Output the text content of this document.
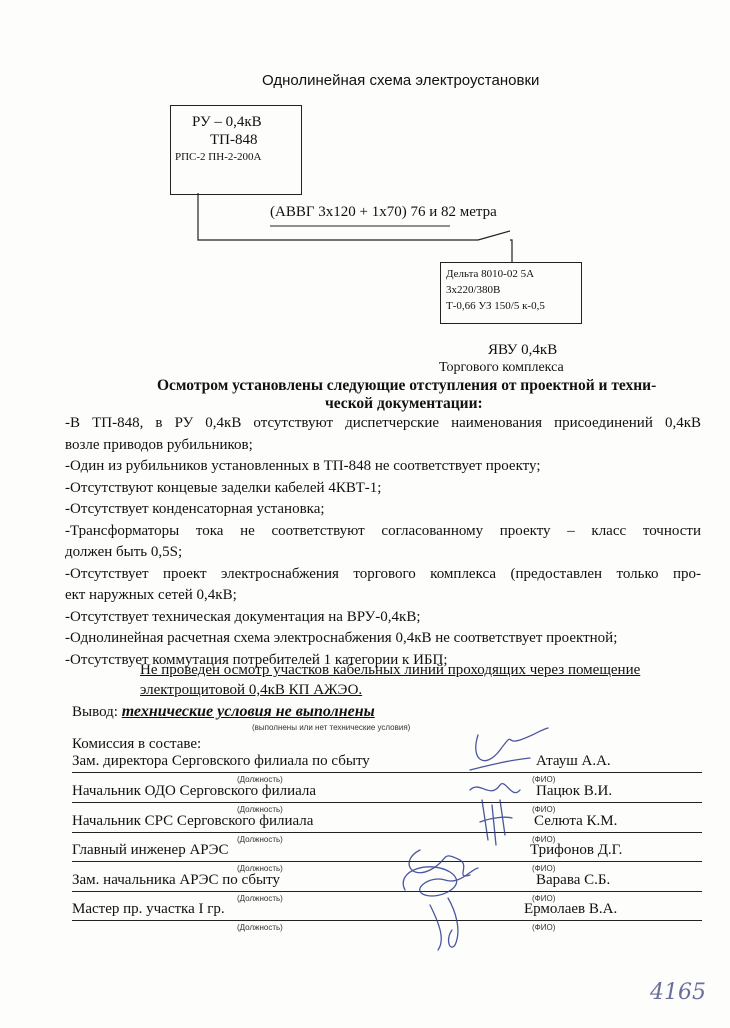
Однолинейная схема электроустановки
РУ – 0,4кВ
ТП-848
РПС-2 ПН-2-200А
(АВВГ 3х120 + 1х70) 76 и 82 метра
Дельта 8010-02 5А
3х220/380В
Т-0,66 УЗ 150/5 к-0,5
ЯВУ 0,4кВ
Торгового комплекса
Осмотром установлены следующие отступления от проектной и техни-
ческой документации:

-В ТП-848, в РУ 0,4кВ отсутствуют диспетчерские наименования присоединений 0,4кВ

возле приводов рубильников;

-Один из рубильников установленных в ТП-848 не соответствует проекту;

-Отсутствуют концевые заделки кабелей 4КВТ-1;

-Отсутствует конденсаторная установка;

-Трансформаторы тока не соответствуют согласованному проекту – класс точности

должен быть 0,5S;

-Отсутствует проект электроснабжения торгового комплекса (предоставлен только про-

ект наружных сетей 0,4кВ;

-Отсутствует техническая документация на ВРУ-0,4кВ;

-Однолинейная расчетная схема электроснабжения 0,4кВ не соответствует проектной;

-Отсутствует коммутация потребителей 1 категории к ИБП;

Не проведен осмотр участков кабельных линий проходящих через помещение электрощитовой 0,4кВ КП АЖЭО.
Вывод: технические условия не выполнены
(выполнены или нет технические условия)
Комиссия в составе:
Зам. директора Серговского филиала по сбыту	Атауш А.А.
(Должность)	(ФИО)
Начальник ОДО Серговского филиала	Пацюк В.И.
(Должность)	(ФИО)
Начальник СРС Серговского филиала	Селюта К.М.
(Должность)	(ФИО)
Главный инженер АРЭС	Трифонов Д.Г.
(Должность)	(ФИО)
Зам. начальника АРЭС по сбыту	Варава С.Б.
(Должность)	(ФИО)
Мастер пр. участка I гр.	Ермолаев В.А.
(Должность)	(ФИО)
4165
